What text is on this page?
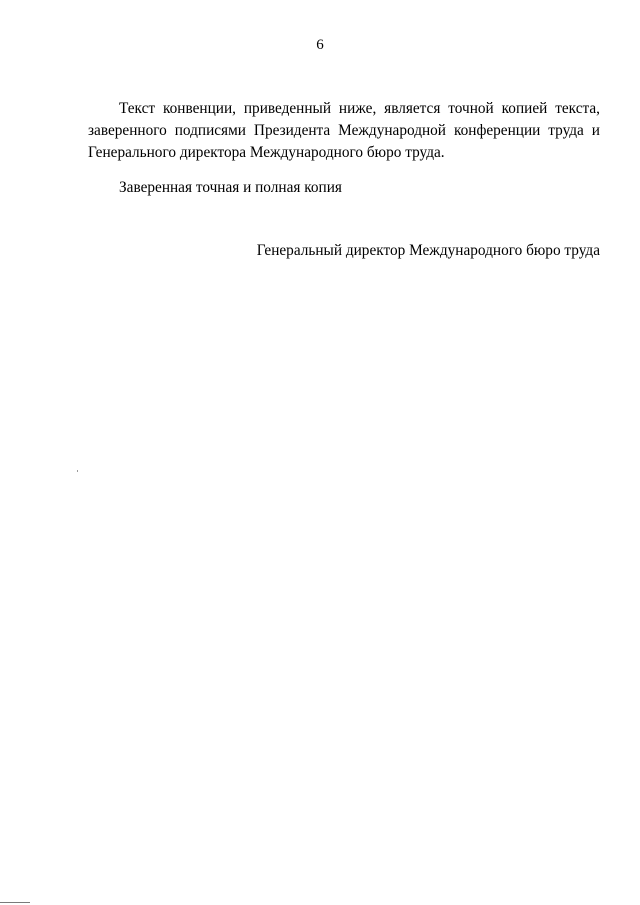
6

Текст конвенции, приведенный ниже, является точной копией текста, заверенного подписями Президента Международной конференции труда и Генерального директора Международного бюро труда.

Заверенная точная и полная копия

Генеральный директор Международного бюро труда
